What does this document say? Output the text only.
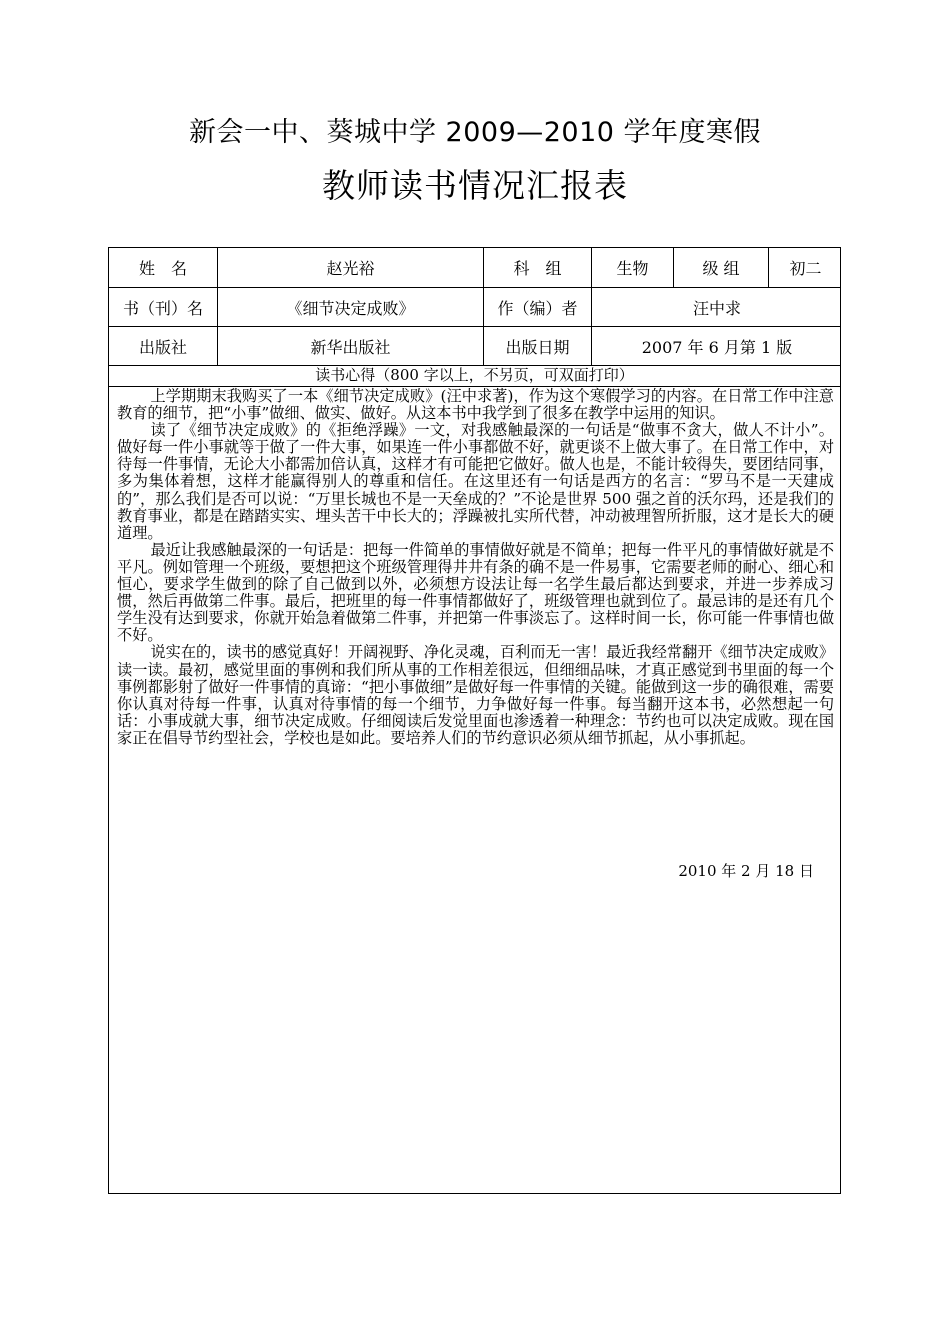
新会一中、葵城中学 2009—2010 学年度寒假
教师读书情况汇报表
姓　名	赵光裕	科　组	生物	级 组	初二
书（刊）名	《细节决定成败》	作（编）者	汪中求
出版社	新华出版社	出版日期	2007 年 6 月第 1 版
读书心得（800 字以上，不另页，可双面打印）

上学期期末我购买了一本《细节决定成败》(汪中求著)，作为这个寒假学习的内容。在日常工作中注意教育的细节，把“小事”做细、做实、做好。从这本书中我学到了很多在教学中运用的知识。

读了《细节决定成败》的《拒绝浮躁》一文，对我感触最深的一句话是“做事不贪大，做人不计小”。做好每一件小事就等于做了一件大事，如果连一件小事都做不好，就更谈不上做大事了。在日常工作中，对待每一件事情，无论大小都需加倍认真，这样才有可能把它做好。做人也是，不能计较得失，要团结同事，多为集体着想，这样才能赢得别人的尊重和信任。在这里还有一句话是西方的名言：“罗马不是一天建成的”，那么我们是否可以说：“万里长城也不是一天垒成的？”不论是世界 500 强之首的沃尔玛，还是我们的教育事业，都是在踏踏实实、埋头苦干中长大的；浮躁被扎实所代替，冲动被理智所折服，这才是长大的硬道理。

最近让我感触最深的一句话是：把每一件简单的事情做好就是不简单；把每一件平凡的事情做好就是不平凡。例如管理一个班级，要想把这个班级管理得井井有条的确不是一件易事，它需要老师的耐心、细心和恒心，要求学生做到的除了自己做到以外，必须想方设法让每一名学生最后都达到要求，并进一步养成习惯，然后再做第二件事。最后，把班里的每一件事情都做好了，班级管理也就到位了。最忌讳的是还有几个学生没有达到要求，你就开始急着做第二件事，并把第一件事淡忘了。这样时间一长，你可能一件事情也做不好。

说实在的，读书的感觉真好！开阔视野、净化灵魂，百利而无一害！最近我经常翻开《细节决定成败》读一读。最初，感觉里面的事例和我们所从事的工作相差很远，但细细品味，才真正感觉到书里面的每一个事例都影射了做好一件事情的真谛：“把小事做细”是做好每一件事情的关键。能做到这一步的确很难，需要你认真对待每一件事，认真对待事情的每一个细节，力争做好每一件事。每当翻开这本书，必然想起一句话：小事成就大事，细节决定成败。仔细阅读后发觉里面也渗透着一种理念：节约也可以决定成败。现在国家正在倡导节约型社会，学校也是如此。要培养人们的节约意识必须从细节抓起，从小事抓起。

2010 年 2 月 18 日
